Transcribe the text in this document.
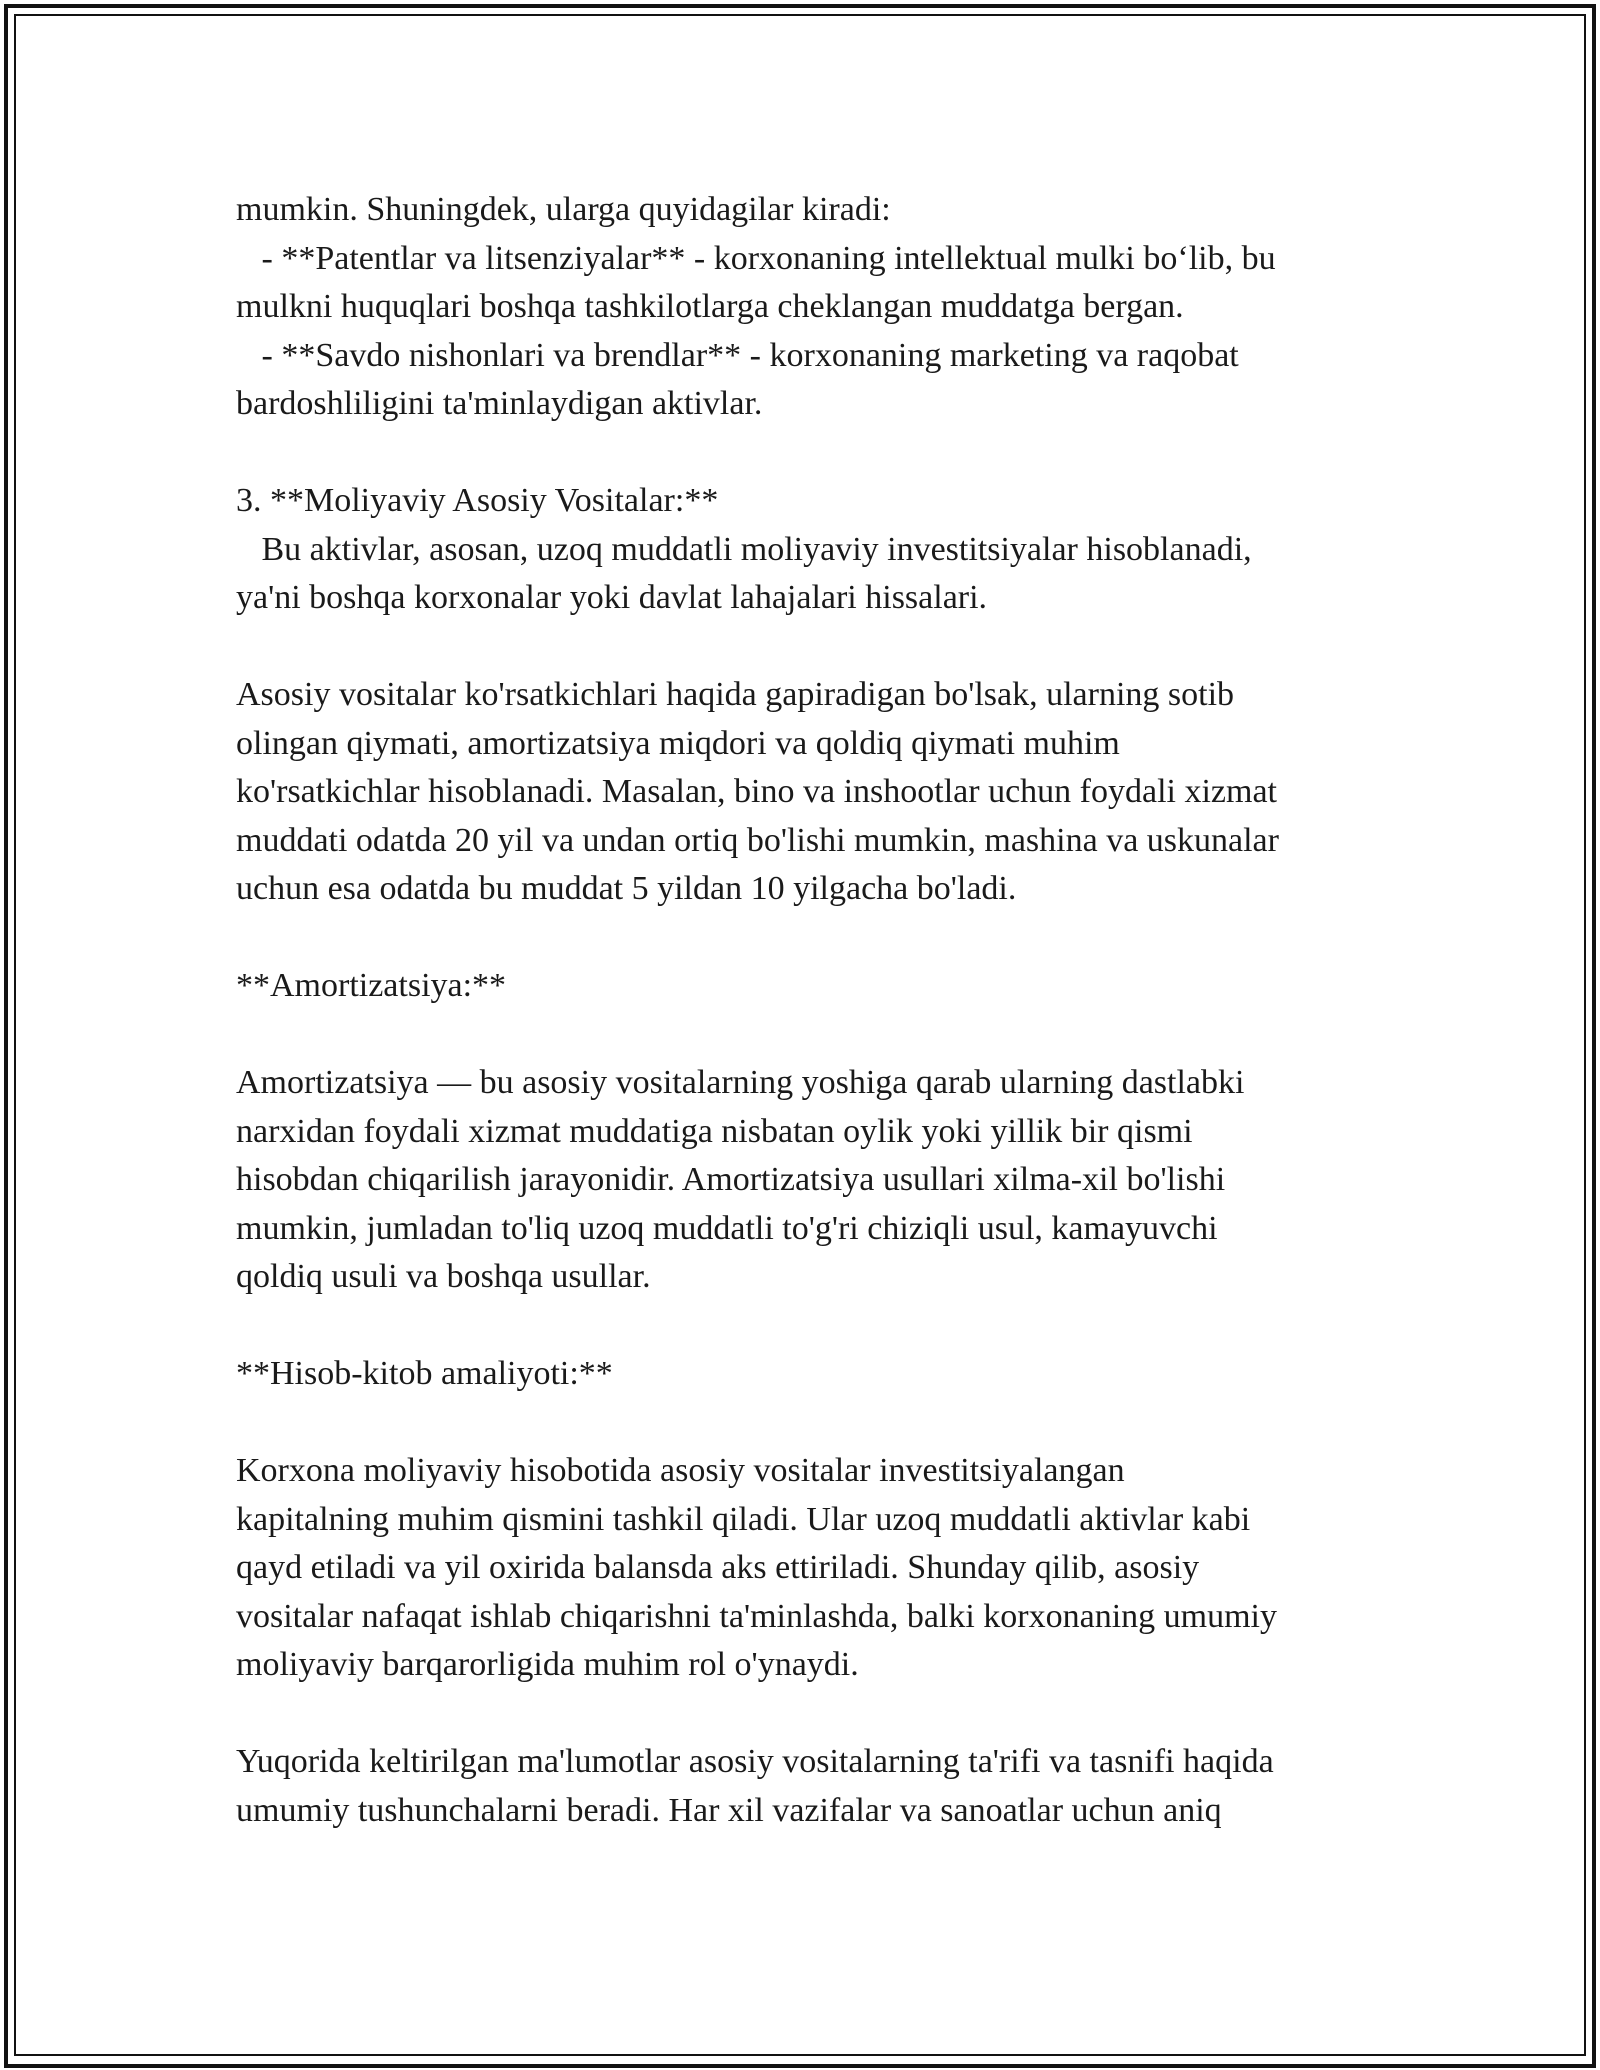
mumkin. Shuningdek, ularga quyidagilar kiradi:
- **Patentlar va litsenziyalar** - korxonaning intellektual mulki bo‘lib, bu
mulkni huquqlari boshqa tashkilotlarga cheklangan muddatga bergan.
- **Savdo nishonlari va brendlar** - korxonaning marketing va raqobat
bardoshliligini ta'minlaydigan aktivlar.
3. **Moliyaviy Asosiy Vositalar:**
Bu aktivlar, asosan, uzoq muddatli moliyaviy investitsiyalar hisoblanadi,
ya'ni boshqa korxonalar yoki davlat lahajalari hissalari.
Asosiy vositalar ko'rsatkichlari haqida gapiradigan bo'lsak, ularning sotib
olingan qiymati, amortizatsiya miqdori va qoldiq qiymati muhim
ko'rsatkichlar hisoblanadi. Masalan, bino va inshootlar uchun foydali xizmat
muddati odatda 20 yil va undan ortiq bo'lishi mumkin, mashina va uskunalar
uchun esa odatda bu muddat 5 yildan 10 yilgacha bo'ladi.
**Amortizatsiya:**
Amortizatsiya — bu asosiy vositalarning yoshiga qarab ularning dastlabki
narxidan foydali xizmat muddatiga nisbatan oylik yoki yillik bir qismi
hisobdan chiqarilish jarayonidir. Amortizatsiya usullari xilma-xil bo'lishi
mumkin, jumladan to'liq uzoq muddatli to'g'ri chiziqli usul, kamayuvchi
qoldiq usuli va boshqa usullar.
**Hisob-kitob amaliyoti:**
Korxona moliyaviy hisobotida asosiy vositalar investitsiyalangan
kapitalning muhim qismini tashkil qiladi. Ular uzoq muddatli aktivlar kabi
qayd etiladi va yil oxirida balansda aks ettiriladi. Shunday qilib, asosiy
vositalar nafaqat ishlab chiqarishni ta'minlashda, balki korxonaning umumiy
moliyaviy barqarorligida muhim rol o'ynaydi.
Yuqorida keltirilgan ma'lumotlar asosiy vositalarning ta'rifi va tasnifi haqida
umumiy tushunchalarni beradi. Har xil vazifalar va sanoatlar uchun aniq
